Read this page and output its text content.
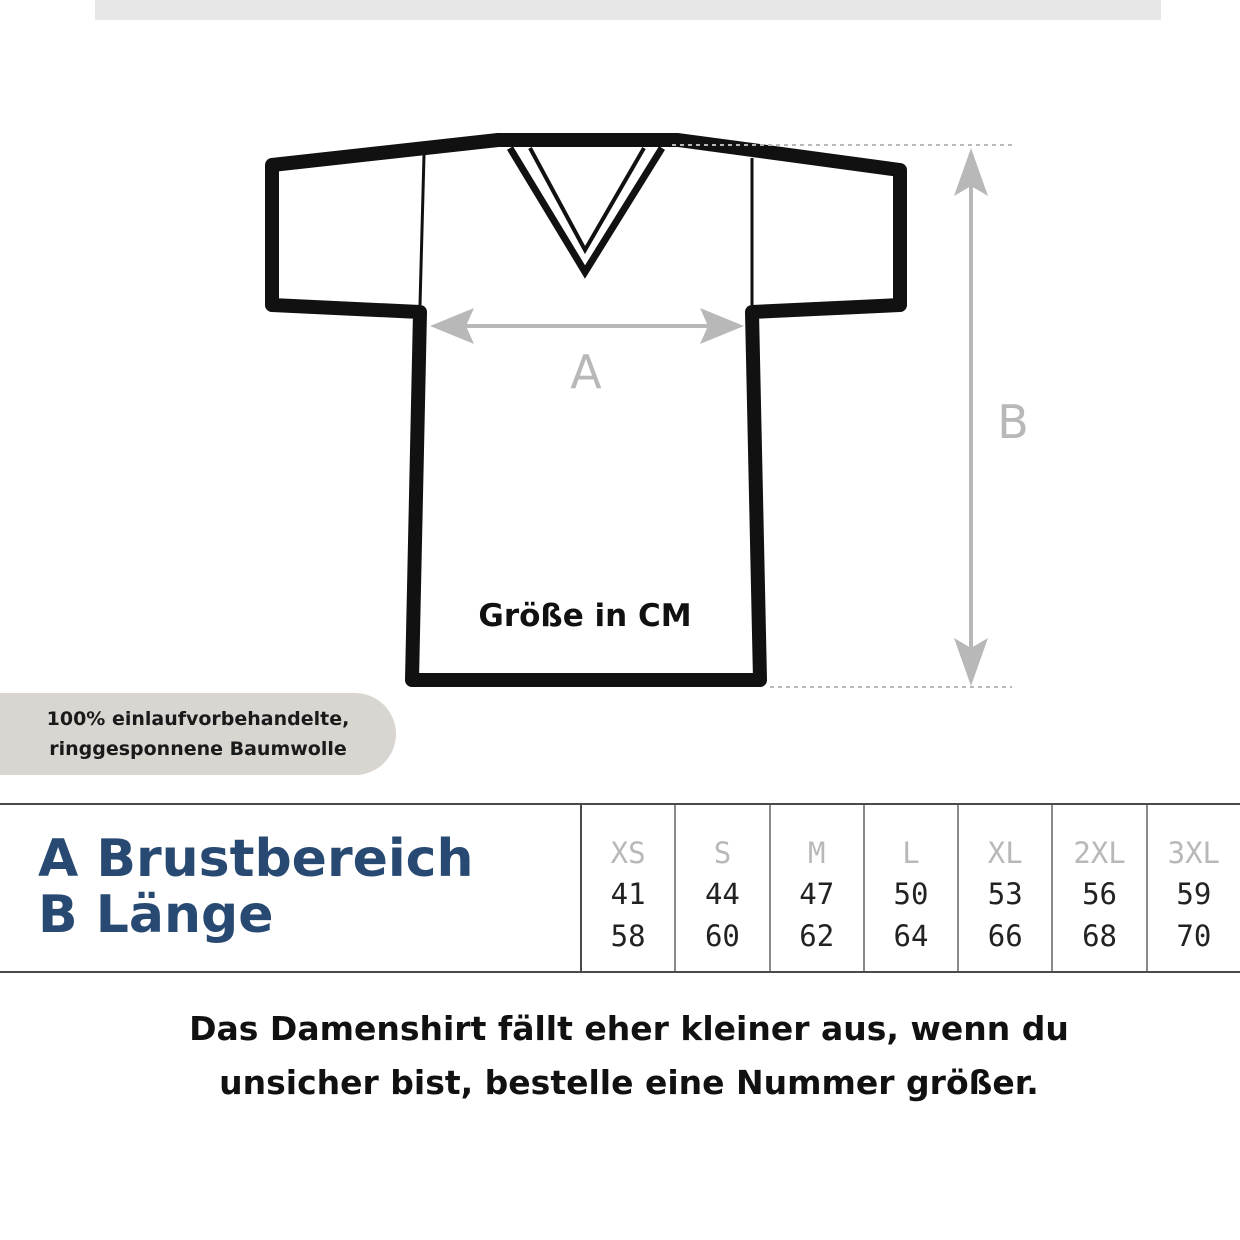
A
B
Größe in CM
100% einlaufvorbehandelte,
ringgesponnene Baumwolle
A Brustbereich
B Länge
XS
41
58
S
44
60
M
47
62
L
50
64
XL
53
66
2XL
56
68
3XL
59
70
Das Damenshirt fällt eher kleiner aus, wenn du
unsicher bist, bestelle eine Nummer größer.
